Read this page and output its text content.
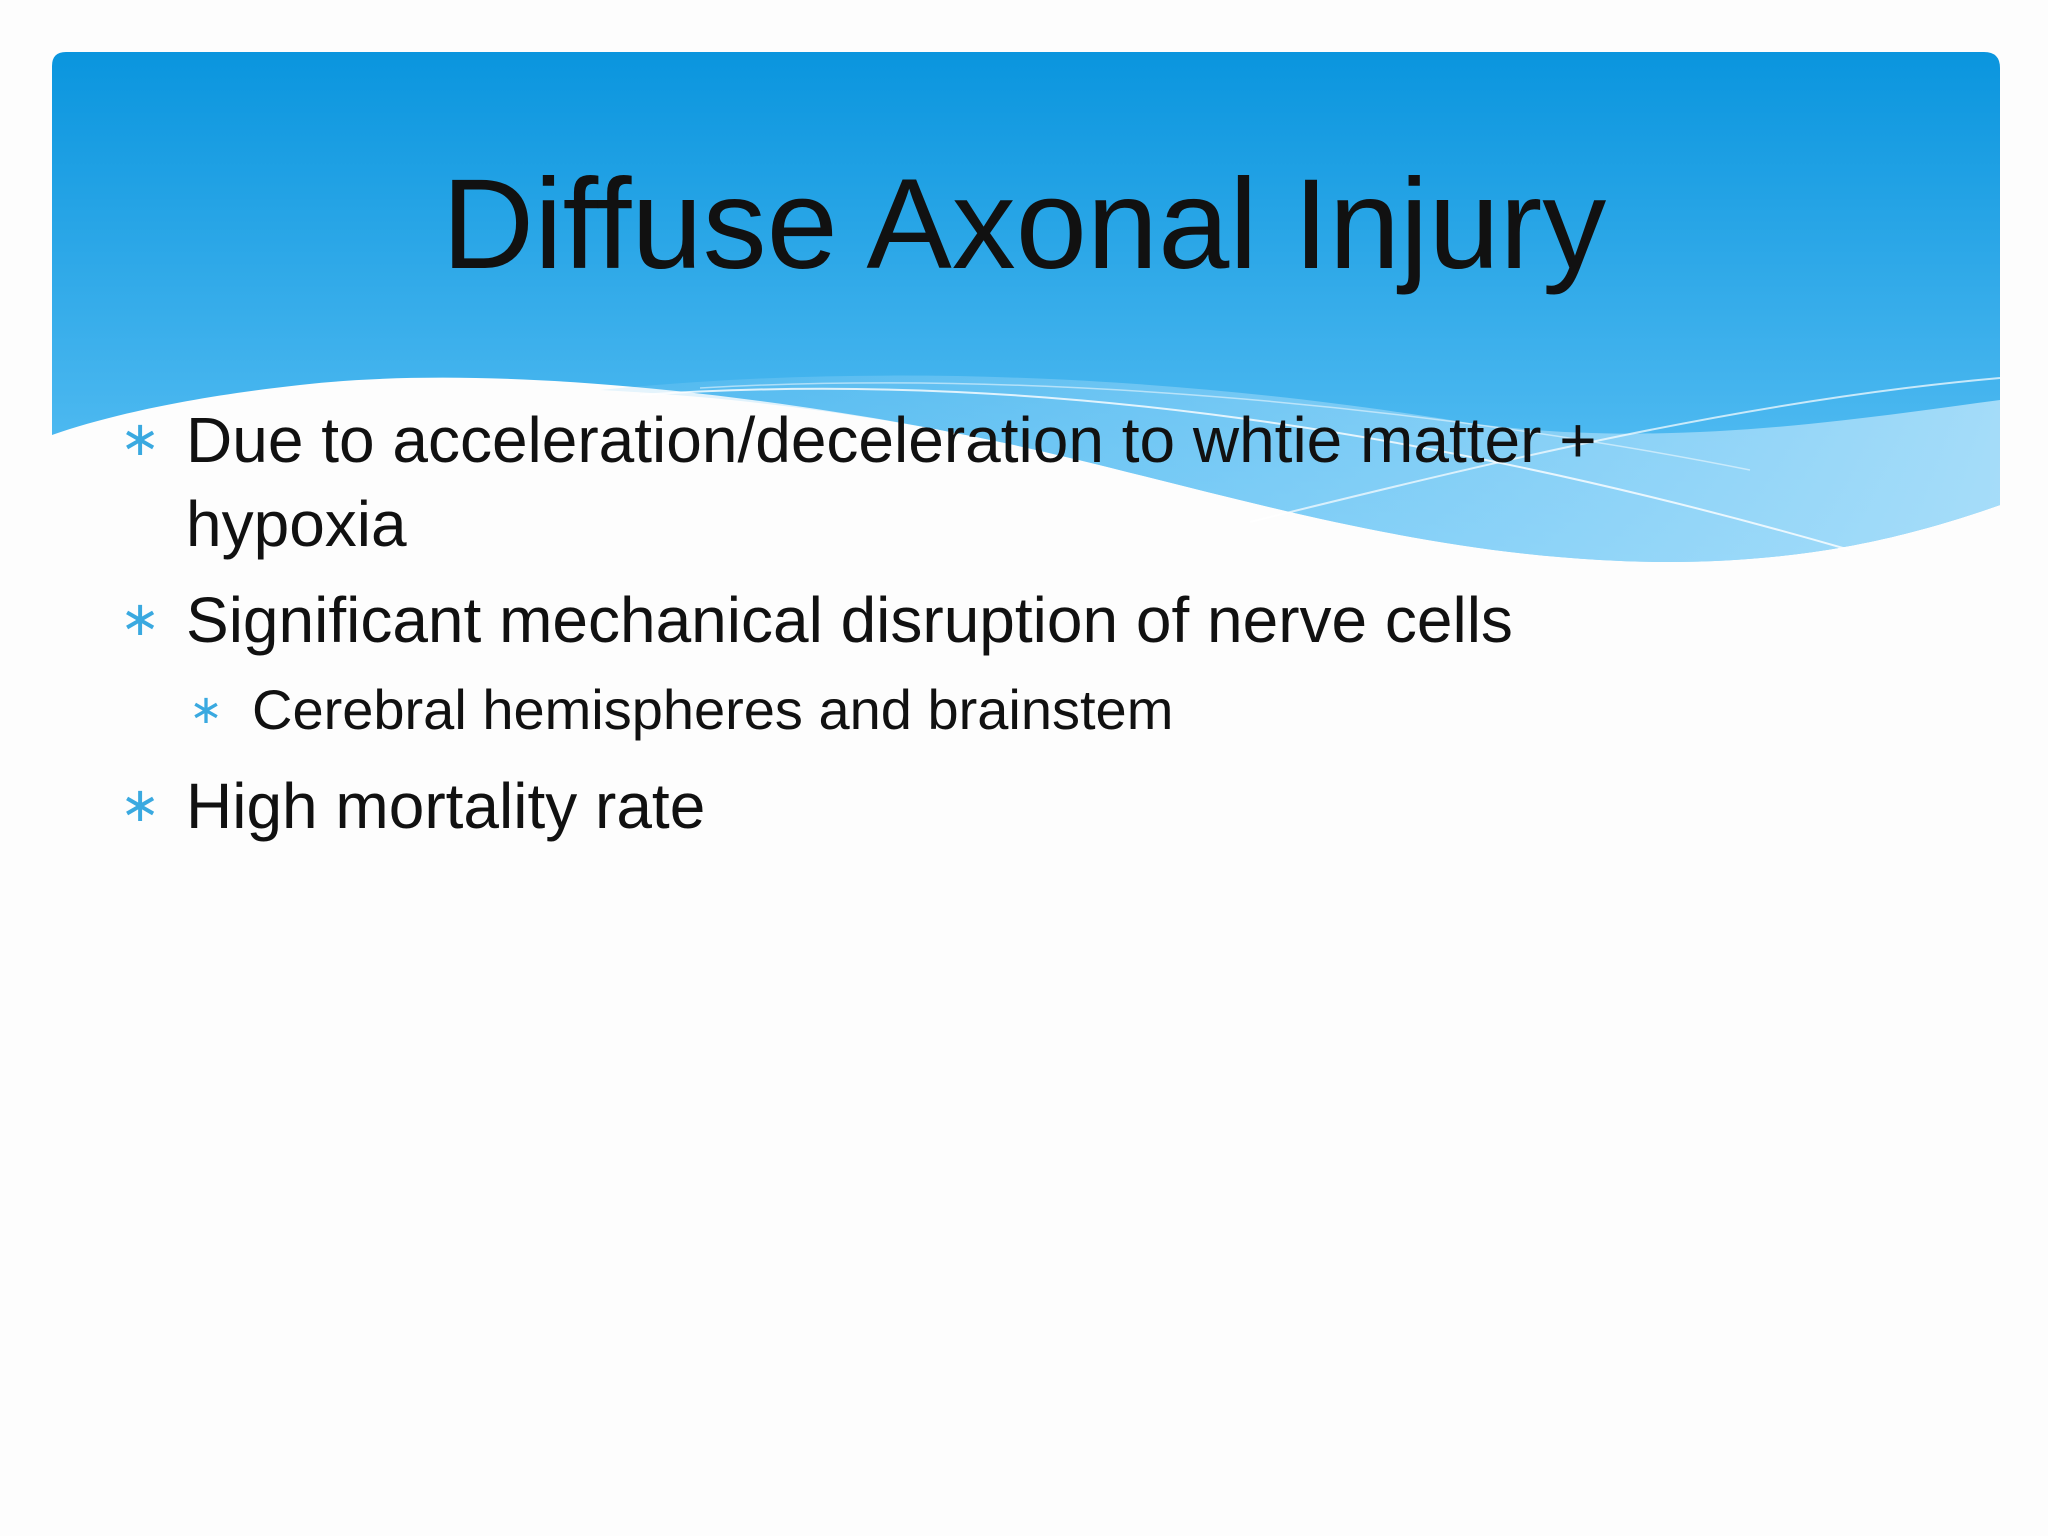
Diffuse Axonal Injury
∗ Due to acceleration/deceleration to whtie matter + hypoxia
∗ Significant mechanical disruption of nerve cells
∗ Cerebral hemispheres and brainstem
∗ High mortality rate
